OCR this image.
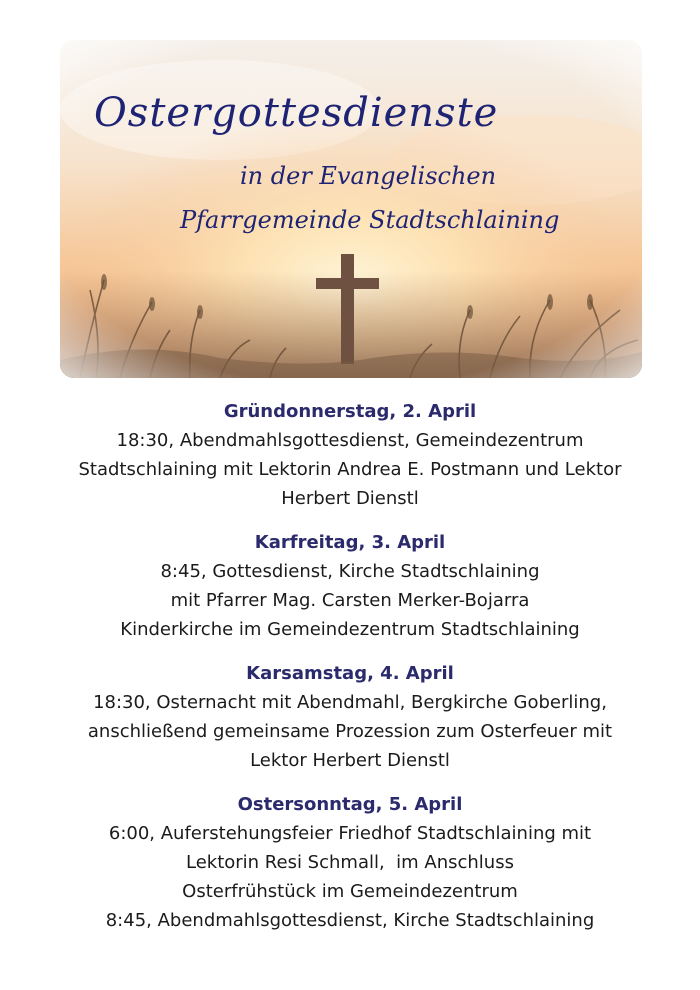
Ostergottesdienste
in der Evangelischen
Pfarrgemeinde Stadtschlaining
Gründonnerstag, 2. April
18:30, Abendmahlsgottesdienst, Gemeindezentrum
Stadtschlaining mit Lektorin Andrea E. Postmann und Lektor
Herbert Dienstl
Karfreitag, 3. April
8:45, Gottesdienst, Kirche Stadtschlaining
mit Pfarrer Mag. Carsten Merker-Bojarra
Kinderkirche im Gemeindezentrum Stadtschlaining
Karsamstag, 4. April
18:30, Osternacht mit Abendmahl, Bergkirche Goberling,
anschließend gemeinsame Prozession zum Osterfeuer mit
Lektor Herbert Dienstl
Ostersonntag, 5. April
6:00, Auferstehungsfeier Friedhof Stadtschlaining mit
Lektorin Resi Schmall,  im Anschluss
Osterfrühstück im Gemeindezentrum
8:45, Abendmahlsgottesdienst, Kirche Stadtschlaining
